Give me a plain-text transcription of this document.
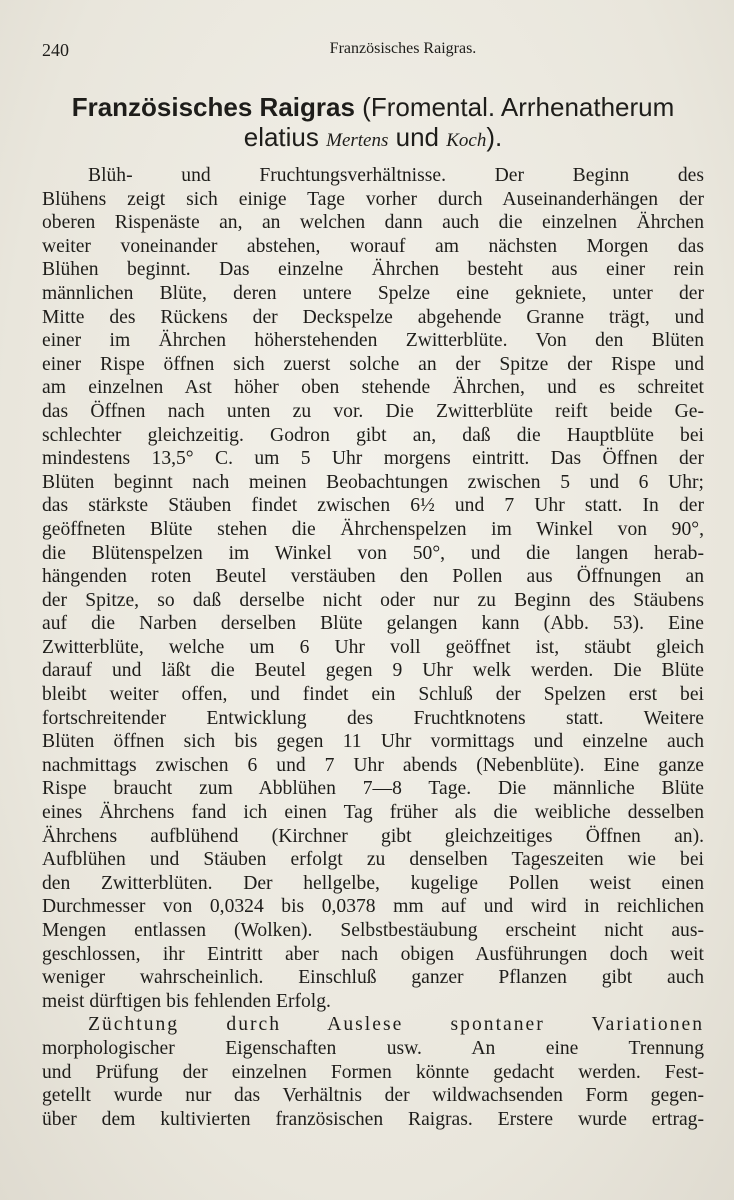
240	Französisches Raigras.
Französisches Raigras (Fromental. Arrhenatherum
elatius Mertens und Koch).
Blüh- und Fruchtungsverhältnisse. Der Beginn des
Blühens zeigt sich einige Tage vorher durch Auseinanderhängen der
oberen Rispenäste an, an welchen dann auch die einzelnen Ährchen
weiter voneinander abstehen, worauf am nächsten Morgen das
Blühen beginnt. Das einzelne Ährchen besteht aus einer rein
männlichen Blüte, deren untere Spelze eine gekniete, unter der
Mitte des Rückens der Deckspelze abgehende Granne trägt, und
einer im Ährchen höherstehenden Zwitterblüte. Von den Blüten
einer Rispe öffnen sich zuerst solche an der Spitze der Rispe und
am einzelnen Ast höher oben stehende Ährchen, und es schreitet
das Öffnen nach unten zu vor. Die Zwitterblüte reift beide Ge-
schlechter gleichzeitig. Godron gibt an, daß die Hauptblüte bei
mindestens 13,5° C. um 5 Uhr morgens eintritt. Das Öffnen der
Blüten beginnt nach meinen Beobachtungen zwischen 5 und 6 Uhr;
das stärkste Stäuben findet zwischen 6½ und 7 Uhr statt. In der
geöffneten Blüte stehen die Ährchenspelzen im Winkel von 90°,
die Blütenspelzen im Winkel von 50°, und die langen herab-
hängenden roten Beutel verstäuben den Pollen aus Öffnungen an
der Spitze, so daß derselbe nicht oder nur zu Beginn des Stäubens
auf die Narben derselben Blüte gelangen kann (Abb. 53). Eine
Zwitterblüte, welche um 6 Uhr voll geöffnet ist, stäubt gleich
darauf und läßt die Beutel gegen 9 Uhr welk werden. Die Blüte
bleibt weiter offen, und findet ein Schluß der Spelzen erst bei
fortschreitender Entwicklung des Fruchtknotens statt. Weitere
Blüten öffnen sich bis gegen 11 Uhr vormittags und einzelne auch
nachmittags zwischen 6 und 7 Uhr abends (Nebenblüte). Eine ganze
Rispe braucht zum Abblühen 7—8 Tage. Die männliche Blüte
eines Ährchens fand ich einen Tag früher als die weibliche desselben
Ährchens aufblühend (Kirchner gibt gleichzeitiges Öffnen an).
Aufblühen und Stäuben erfolgt zu denselben Tageszeiten wie bei
den Zwitterblüten. Der hellgelbe, kugelige Pollen weist einen
Durchmesser von 0,0324 bis 0,0378 mm auf und wird in reichlichen
Mengen entlassen (Wolken). Selbstbestäubung erscheint nicht aus-
geschlossen, ihr Eintritt aber nach obigen Ausführungen doch weit
weniger wahrscheinlich. Einschluß ganzer Pflanzen gibt auch
meist dürftigen bis fehlenden Erfolg.
Züchtung durch Auslese spontaner Variationen
morphologischer Eigenschaften usw. An eine Trennung
und Prüfung der einzelnen Formen könnte gedacht werden. Fest-
getellt wurde nur das Verhältnis der wildwachsenden Form gegen-
über dem kultivierten französischen Raigras. Erstere wurde ertrag-
